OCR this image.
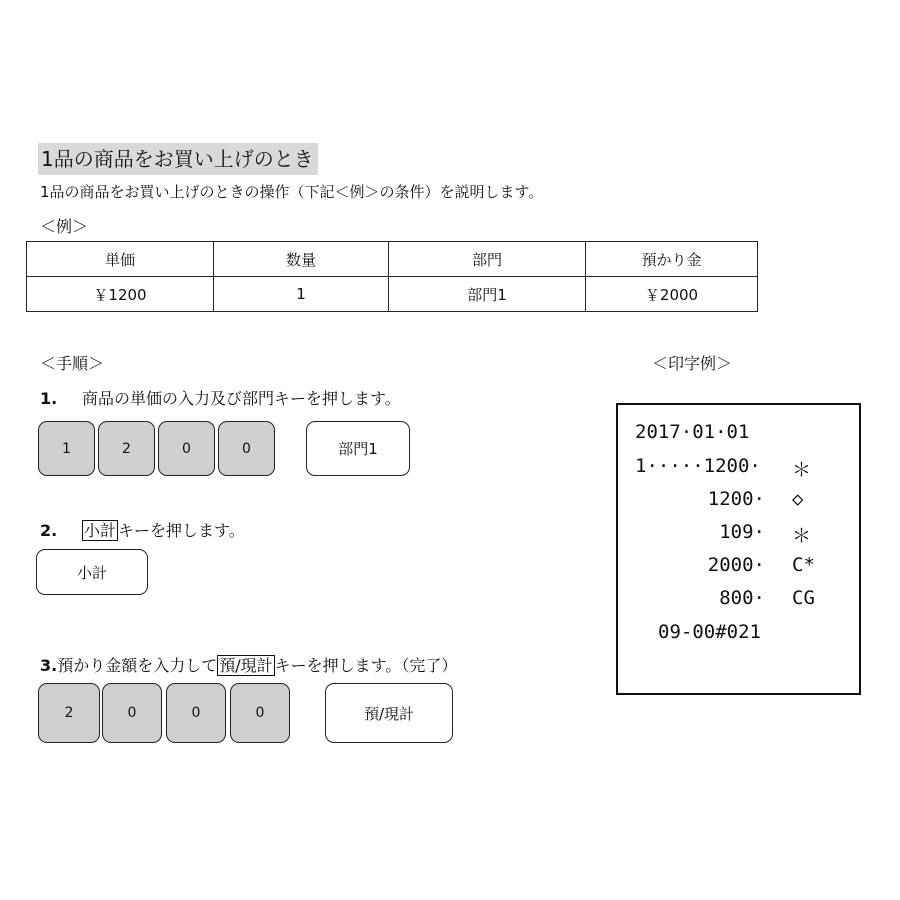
1品の商品をお買い上げのとき
1品の商品をお買い上げのときの操作（下記＜例＞の条件）を説明します。
＜例＞
単価	数量	部門	預かり金
￥1200	1	部門1	￥2000
＜手順＞	＜印字例＞
1. 商品の単価の入力及び部門キーを押します。
1	2	0	0	部門1
2. 小計 キーを押します。
小計
3.預かり金額を入力して 預/現計 キーを押します。（完了）
2	0	0	0	預/現計
2017·01·01
1·····1200· ＊
1200· ◇
109· ＊
2000· C*
800· CG
09-00#021
